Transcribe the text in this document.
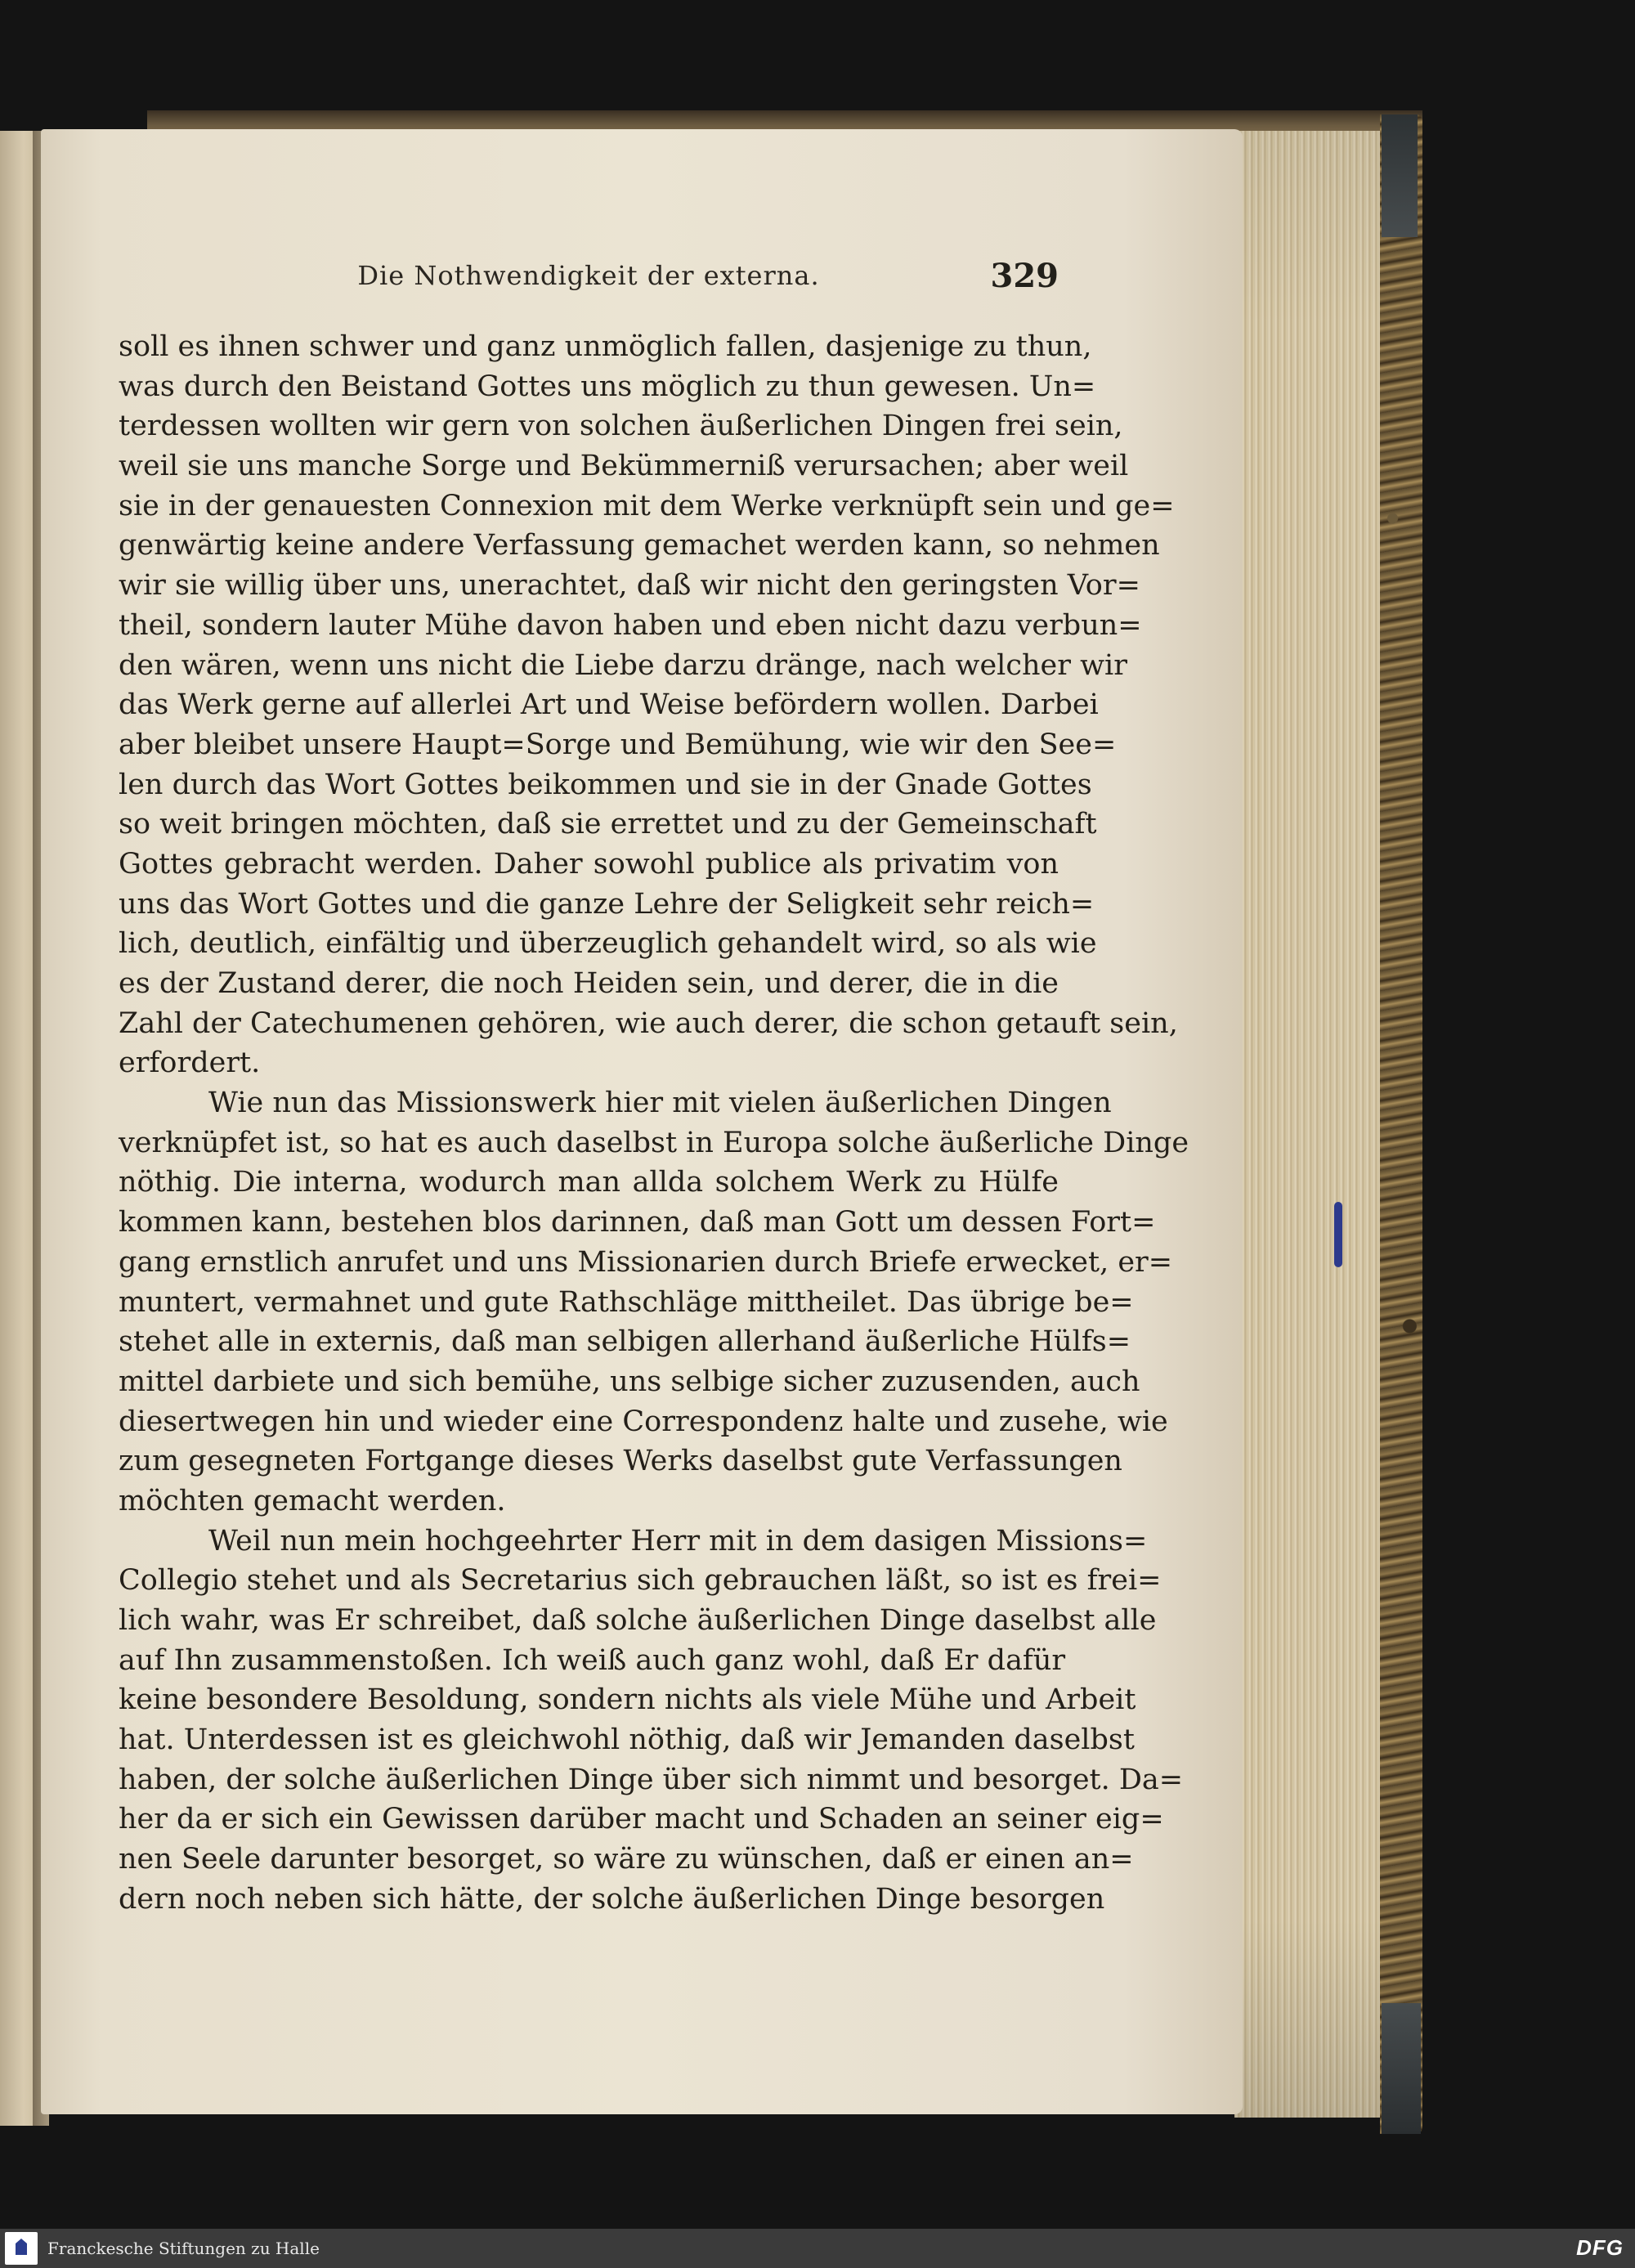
Die Nothwendigkeit der externa.	329
soll es ihnen schwer und ganz unmöglich fallen, dasjenige zu thun,
was durch den Beistand Gottes uns möglich zu thun gewesen. Un=
terdessen wollten wir gern von solchen äußerlichen Dingen frei sein,
weil sie uns manche Sorge und Bekümmerniß verursachen; aber weil
sie in der genauesten Connexion mit dem Werke verknüpft sein und ge=
genwärtig keine andere Verfassung gemachet werden kann, so nehmen
wir sie willig über uns, unerachtet, daß wir nicht den geringsten Vor=
theil, sondern lauter Mühe davon haben und eben nicht dazu verbun=
den wären, wenn uns nicht die Liebe darzu dränge, nach welcher wir
das Werk gerne auf allerlei Art und Weise befördern wollen. Darbei
aber bleibet unsere Haupt=Sorge und Bemühung, wie wir den See=
len durch das Wort Gottes beikommen und sie in der Gnade Gottes
so weit bringen möchten, daß sie errettet und zu der Gemeinschaft
Gottes gebracht werden. Daher sowohl publice als privatim von
uns das Wort Gottes und die ganze Lehre der Seligkeit sehr reich=
lich, deutlich, einfältig und überzeuglich gehandelt wird, so als wie
es der Zustand derer, die noch Heiden sein, und derer, die in die
Zahl der Catechumenen gehören, wie auch derer, die schon getauft sein,
erfordert.
Wie nun das Missionswerk hier mit vielen äußerlichen Dingen
verknüpfet ist, so hat es auch daselbst in Europa solche äußerliche Dinge
nöthig. Die interna, wodurch man allda solchem Werk zu Hülfe
kommen kann, bestehen blos darinnen, daß man Gott um dessen Fort=
gang ernstlich anrufet und uns Missionarien durch Briefe erwecket, er=
muntert, vermahnet und gute Rathschläge mittheilet. Das übrige be=
stehet alle in externis, daß man selbigen allerhand äußerliche Hülfs=
mittel darbiete und sich bemühe, uns selbige sicher zuzusenden, auch
diesertwegen hin und wieder eine Correspondenz halte und zusehe, wie
zum gesegneten Fortgange dieses Werks daselbst gute Verfassungen
möchten gemacht werden.
Weil nun mein hochgeehrter Herr mit in dem dasigen Missions=
Collegio stehet und als Secretarius sich gebrauchen läßt, so ist es frei=
lich wahr, was Er schreibet, daß solche äußerlichen Dinge daselbst alle
auf Ihn zusammenstoßen. Ich weiß auch ganz wohl, daß Er dafür
keine besondere Besoldung, sondern nichts als viele Mühe und Arbeit
hat. Unterdessen ist es gleichwohl nöthig, daß wir Jemanden daselbst
haben, der solche äußerlichen Dinge über sich nimmt und besorget. Da=
her da er sich ein Gewissen darüber macht und Schaden an seiner eig=
nen Seele darunter besorget, so wäre zu wünschen, daß er einen an=
dern noch neben sich hätte, der solche äußerlichen Dinge besorgen
Franckesche Stiftungen zu Halle	DFG
